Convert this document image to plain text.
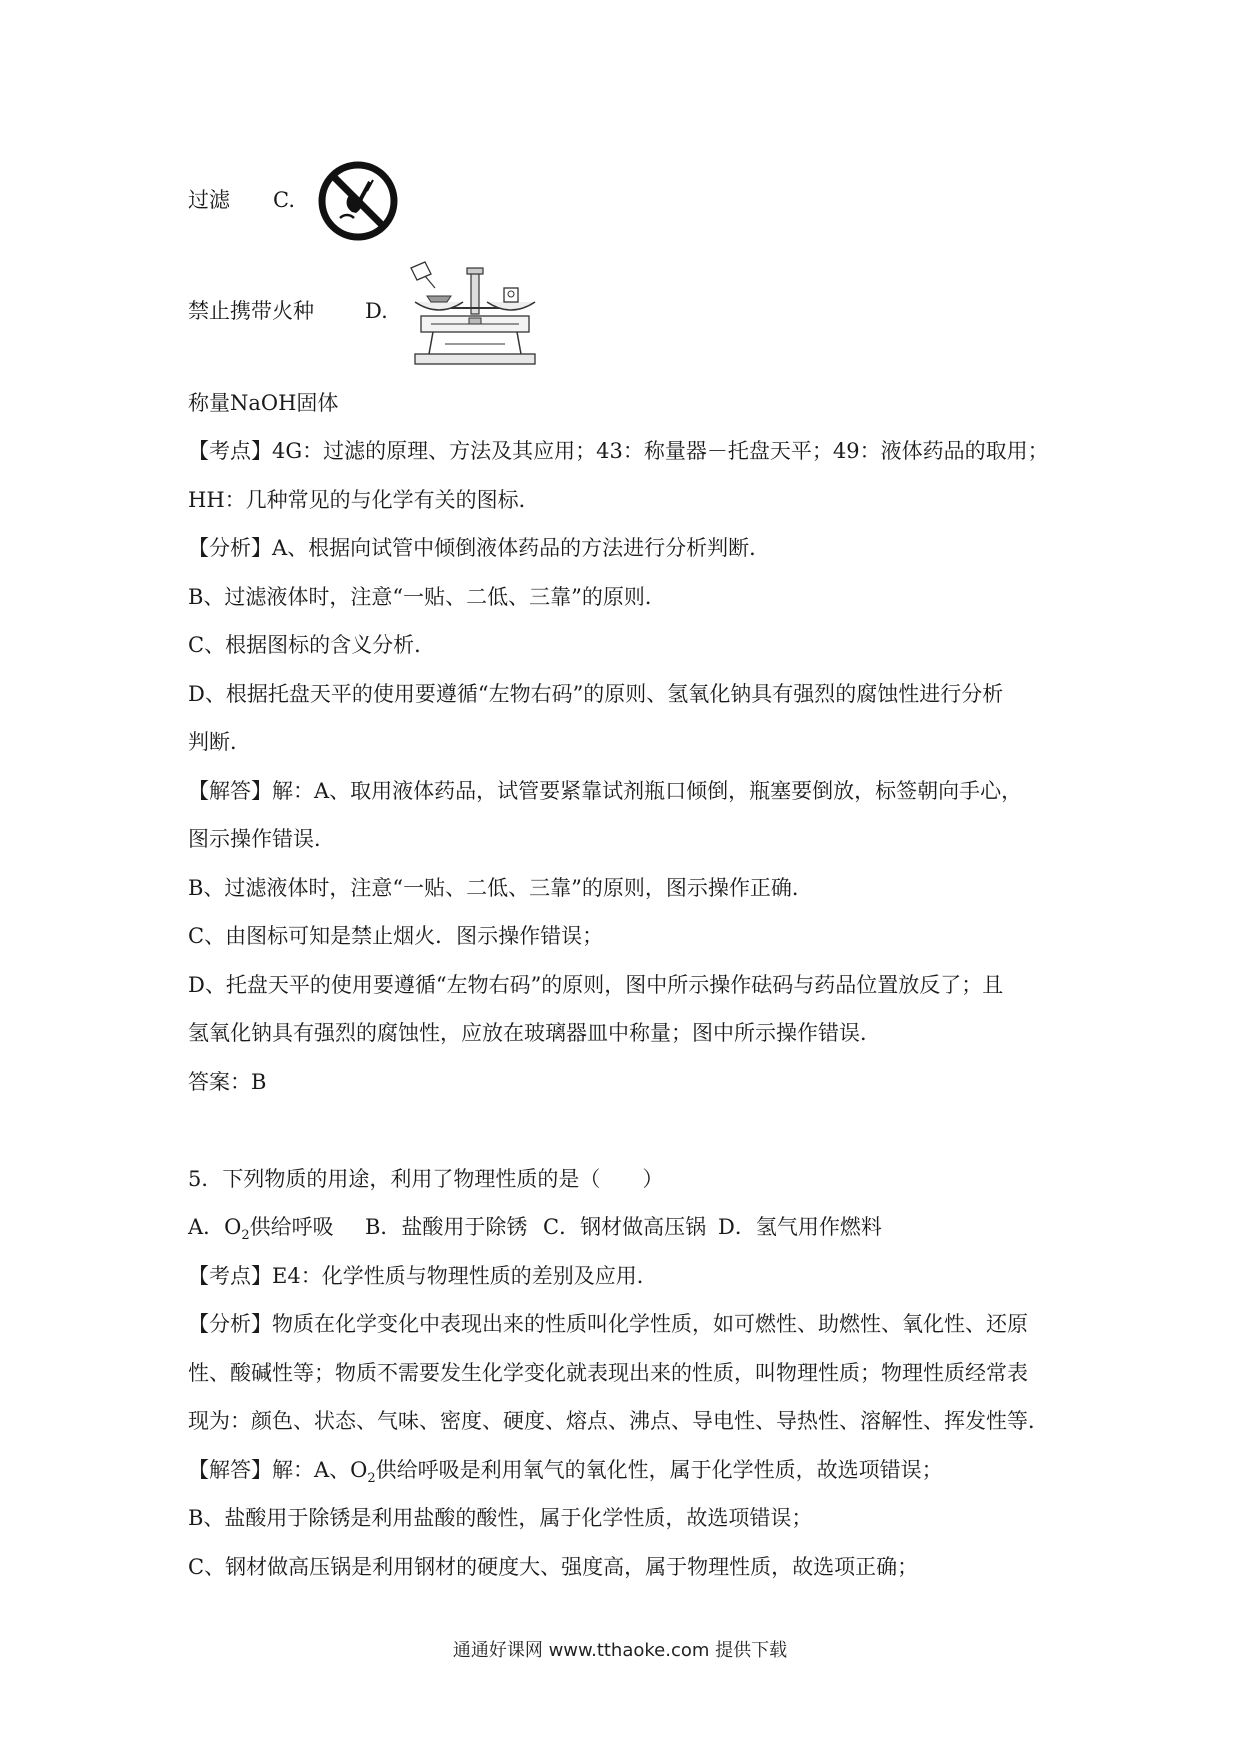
过滤 C.
禁止携带火种 D.
称量NaOH固体
【考点】4G：过滤的原理、方法及其应用；43：称量器－托盘天平；49：液体药品的取用；
HH：几种常见的与化学有关的图标．
【分析】A、根据向试管中倾倒液体药品的方法进行分析判断．
B、过滤液体时，注意“一贴、二低、三靠”的原则．
C、根据图标的含义分析．
D、根据托盘天平的使用要遵循“左物右码”的原则、氢氧化钠具有强烈的腐蚀性进行分析
判断．
【解答】解：A、取用液体药品，试管要紧靠试剂瓶口倾倒，瓶塞要倒放，标签朝向手心，
图示操作错误．
B、过滤液体时，注意“一贴、二低、三靠”的原则，图示操作正确．
C、由图标可知是禁止烟火．图示操作错误；
D、托盘天平的使用要遵循“左物右码”的原则，图中所示操作砝码与药品位置放反了；且
氢氧化钠具有强烈的腐蚀性，应放在玻璃器皿中称量；图中所示操作错误．
答案：B
5．下列物质的用途，利用了物理性质的是（　　）
A．$O_2$供给呼吸 B．盐酸用于除锈 C．钢材做高压锅 D．氢气用作燃料
【考点】E4：化学性质与物理性质的差别及应用．
【分析】物质在化学变化中表现出来的性质叫化学性质，如可燃性、助燃性、氧化性、还原
性、酸碱性等；物质不需要发生化学变化就表现出来的性质，叫物理性质；物理性质经常表
现为：颜色、状态、气味、密度、硬度、熔点、沸点、导电性、导热性、溶解性、挥发性等．
【解答】解：A、$O_2$供给呼吸是利用氧气的氧化性，属于化学性质，故选项错误；
B、盐酸用于除锈是利用盐酸的酸性，属于化学性质，故选项错误；
C、钢材做高压锅是利用钢材的硬度大、强度高，属于物理性质，故选项正确；
通通好课网 www.tthaoke.com 提供下载
